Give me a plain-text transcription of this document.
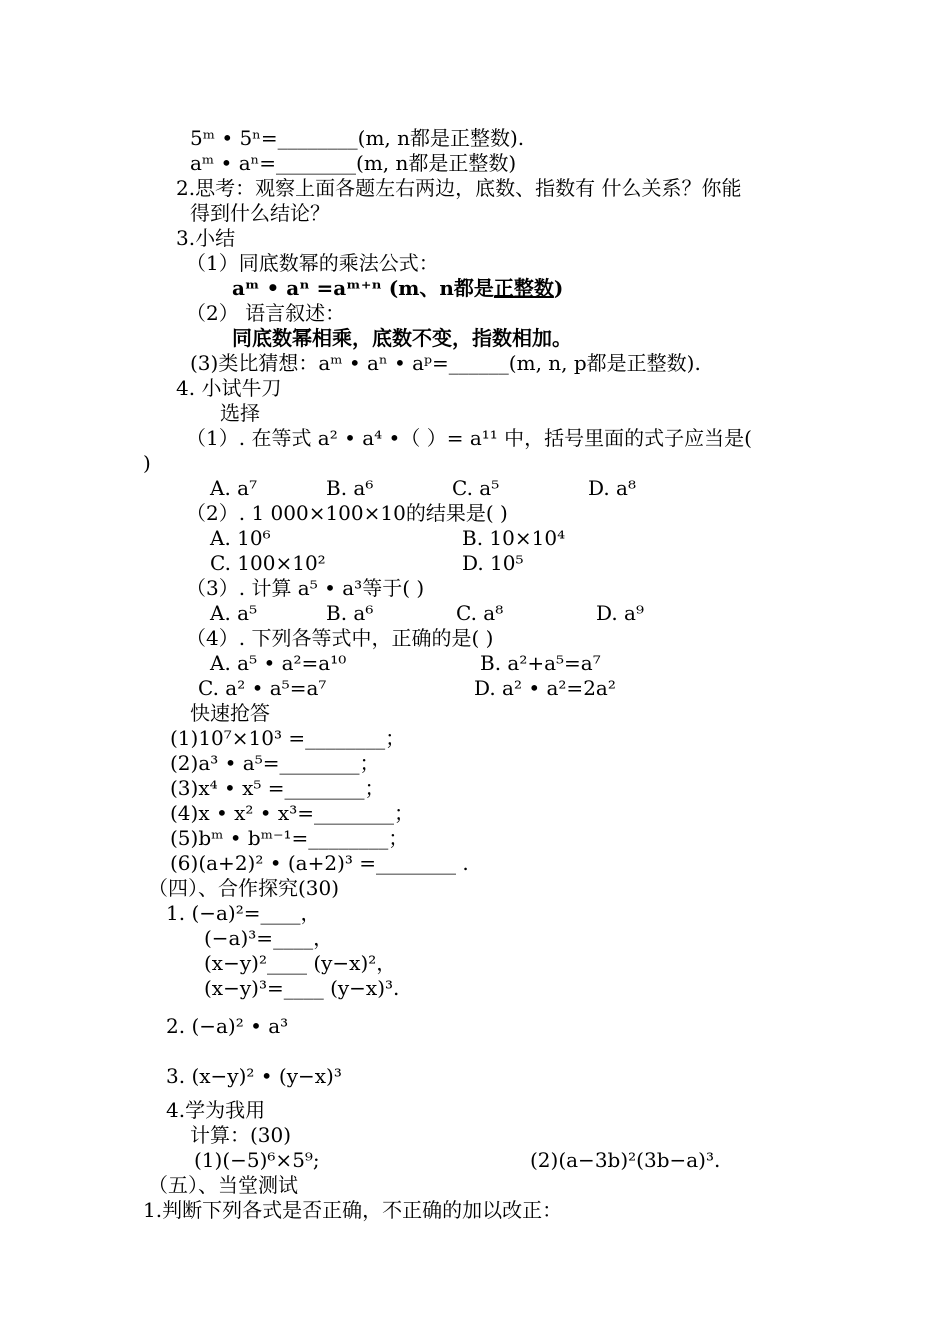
5ᵐ • 5ⁿ=________(m, n都是正整数).
aᵐ • aⁿ=________(m, n都是正整数)
2.思考：观察上面各题左右两边，底数、指数有 什么关系？你能
得到什么结论？
3.小结
（1）同底数幂的乘法公式：
aᵐ • aⁿ =aᵐ⁺ⁿ (m、n都是正整数)
（2） 语言叙述：
同底数幂相乘，底数不变，指数相加。
(3)类比猜想：aᵐ • aⁿ • aᵖ=______(m, n, p都是正整数).
4. 小试牛刀
选择
（1）. 在等式 a² • a⁴ •（ ）= a¹¹ 中，括号里面的式子应当是(
)
A. a⁷	B. a⁶	C. a⁵	D. a⁸
（2）. 1 000×100×10的结果是( )
A. 10⁶	B. 10×10⁴
C. 100×10²	D. 10⁵
（3）. 计算 a⁵ • a³等于( )
A. a⁵	B. a⁶	C. a⁸	D. a⁹
（4）. 下列各等式中，正确的是( )
A. a⁵ • a²=a¹⁰	B. a²+a⁵=a⁷
C. a² • a⁵=a⁷	D. a² • a²=2a²
快速抢答
(1)10⁷×10³ =________；
(2)a³ • a⁵=________；
(3)x⁴ • x⁵ =________；
(4)x • x² • x³=________；
(5)bᵐ • bᵐ⁻¹=________；
(6)(a+2)² • (a+2)³ =________ .
（四）、合作探究(30)
1. (−a)²=____，
(−a)³=____，
(x−y)²____ (y−x)²，
(x−y)³=____ (y−x)³.
2. (−a)² • a³
3. (x−y)² • (y−x)³
4.学为我用
计算：(30)
(1)(−5)⁶×5⁹;	(2)(a−3b)²(3b−a)³.
（五）、当堂测试
1.判断下列各式是否正确，不正确的加以改正：
